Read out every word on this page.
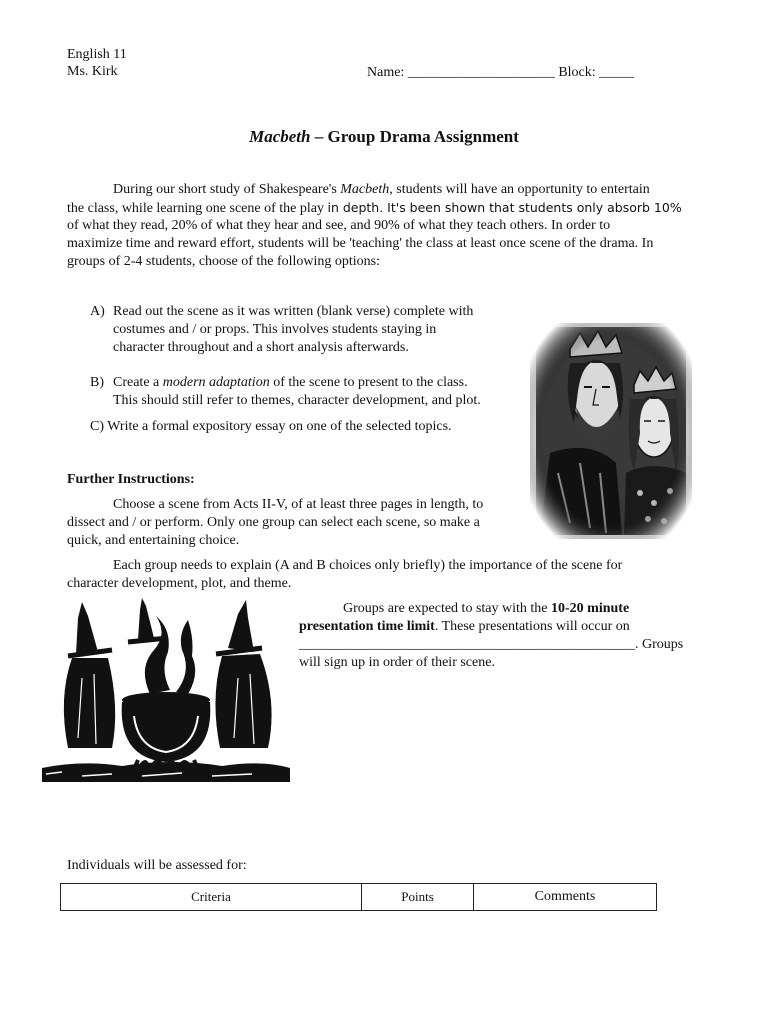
English 11
Ms. Kirk	Name: _____________________ Block: _____
Macbeth – Group Drama Assignment
During our short study of Shakespeare's Macbeth, students will have an opportunity to entertain
the class, while learning one scene of the play in depth. It's been shown that students only absorb 10%
of what they read, 20% of what they hear and see, and 90% of what they teach others. In order to
maximize time and reward effort, students will be 'teaching' the class at least once scene of the drama. In
groups of 2-4 students, choose of the following options:
A) Read out the scene as it was written (blank verse) complete with
costumes and / or props. This involves students staying in
character throughout and a short analysis afterwards.
B) Create a modern adaptation of the scene to present to the class.
This should still refer to themes, character development, and plot.
C) Write a formal expository essay on one of the selected topics.
Further Instructions:
Choose a scene from Acts II-V, of at least three pages in length, to
dissect and / or perform. Only one group can select each scene, so make a
quick, and entertaining choice.
Each group needs to explain (A and B choices only briefly) the importance of the scene for
character development, plot, and theme.
Groups are expected to stay with the 10-20 minute
presentation time limit. These presentations will occur on
________________________________________________. Groups
will sign up in order of their scene.
Individuals will be assessed for:
Criteria	Points	Comments
